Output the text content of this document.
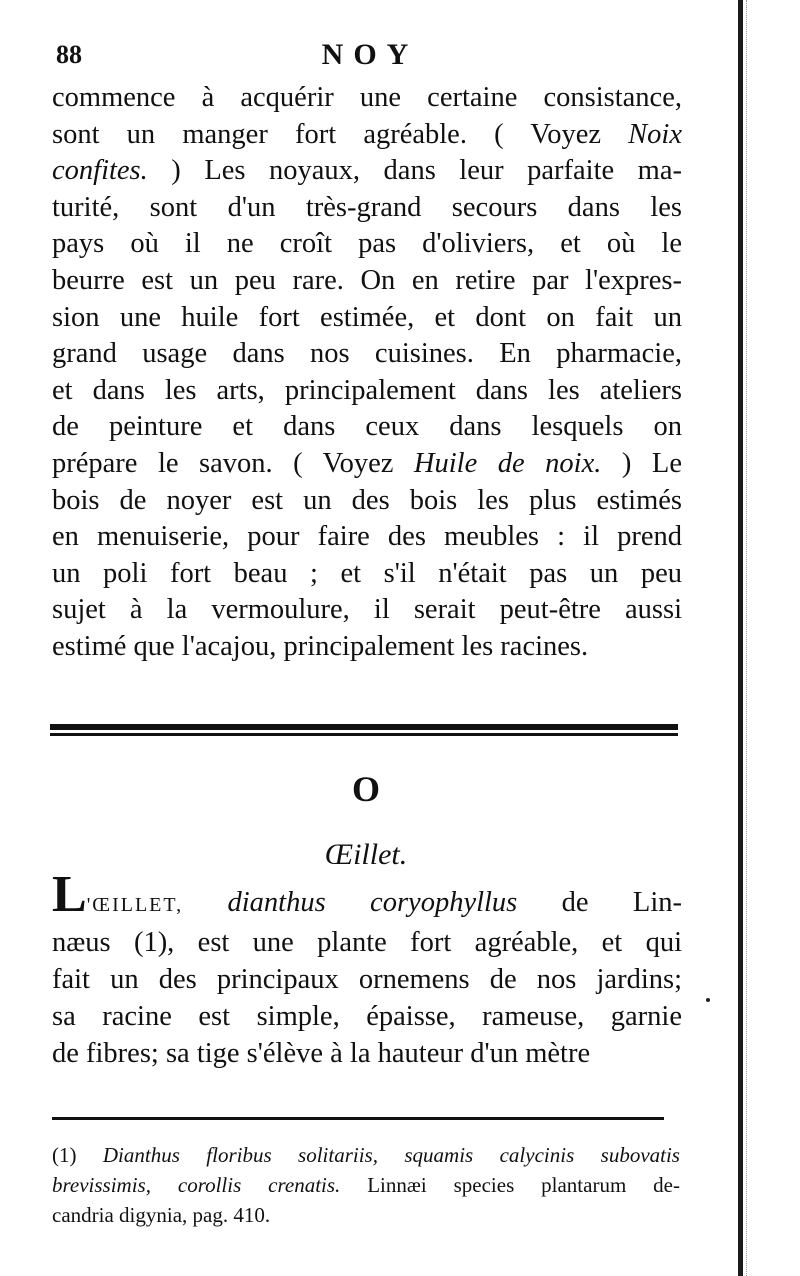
88	NOY
commence à acquérir une certaine consistance,
sont un manger fort agréable. ( Voyez Noix
confites. ) Les noyaux, dans leur parfaite ma-
turité, sont d'un très-grand secours dans les
pays où il ne croît pas d'oliviers, et où le
beurre est un peu rare. On en retire par l'expres-
sion une huile fort estimée, et dont on fait un
grand usage dans nos cuisines. En pharmacie,
et dans les arts, principalement dans les ateliers
de peinture et dans ceux dans lesquels on
prépare le savon. ( Voyez Huile de noix. ) Le
bois de noyer est un des bois les plus estimés
en menuiserie, pour faire des meubles : il prend
un poli fort beau ; et s'il n'était pas un peu
sujet à la vermoulure, il serait peut-être aussi
estimé que l'acajou, principalement les racines.
O
Œillet.
L'ŒILLET, dianthus coryophyllus de Lin-
næus (1), est une plante fort agréable, et qui
fait un des principaux ornemens de nos jardins;
sa racine est simple, épaisse, rameuse, garnie
de fibres; sa tige s'élève à la hauteur d'un mètre
(1) Dianthus floribus solitariis, squamis calycinis subovatis
brevissimis, corollis crenatis. Linnæi species plantarum de-
candria digynia, pag. 410.
